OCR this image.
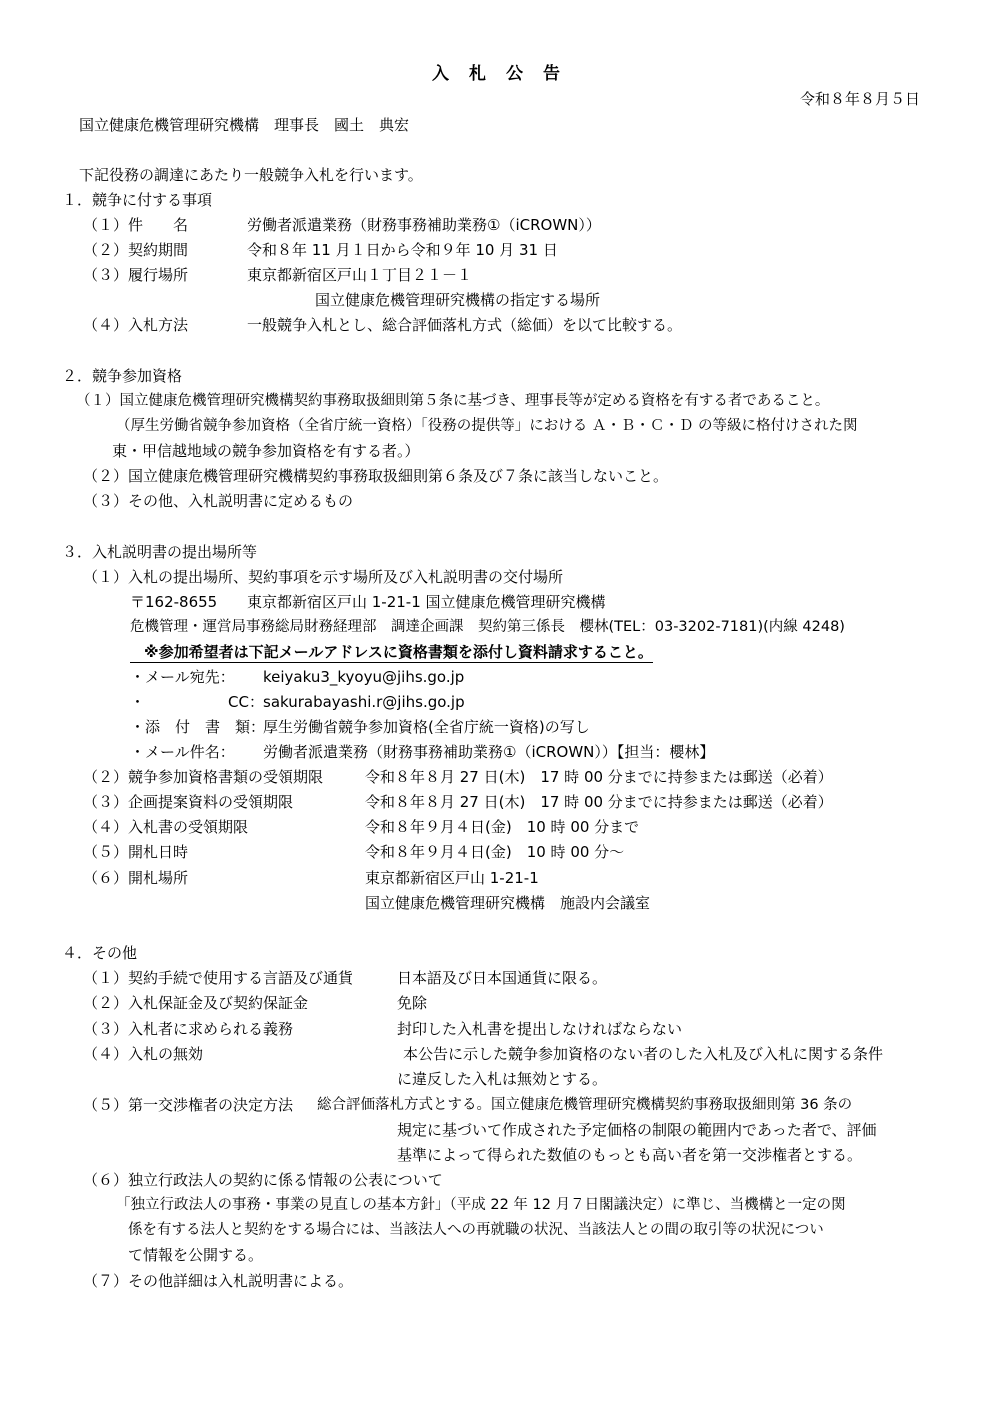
入札公告
令和８年８月５日
国立健康危機管理研究機構　理事長　國土　典宏
下記役務の調達にあたり一般競争入札を行います。
１．競争に付する事項
（１）件　　名	労働者派遣業務（財務事務補助業務①（iCROWN））
（２）契約期間	令和８年 11 月１日から令和９年 10 月 31 日
（３）履行場所	東京都新宿区戸山１丁目２１－１
国立健康危機管理研究機構の指定する場所
（４）入札方法	一般競争入札とし、総合評価落札方式（総価）を以て比較する。
２．競争参加資格
（１）国立健康危機管理研究機構契約事務取扱細則第５条に基づき、理事長等が定める資格を有する者であること。
（厚生労働省競争参加資格（全省庁統一資格）「役務の提供等」における Ａ・Ｂ・Ｃ・Ｄ の等級に格付けされた関
東・甲信越地域の競争参加資格を有する者。）
（２）国立健康危機管理研究機構契約事務取扱細則第６条及び７条に該当しないこと。
（３）その他、入札説明書に定めるもの
３．入札説明書の提出場所等
（１）入札の提出場所、契約事項を示す場所及び入札説明書の交付場所
〒162-8655 東京都新宿区戸山 1-21-1 国立健康危機管理研究機構
危機管理・運営局事務総局財務経理部　調達企画課　契約第三係長　櫻林(TEL：03-3202-7181)(内線 4248)
※参加希望者は下記メールアドレスに資格書類を添付し資料請求すること。
・メール宛先： keiyaku3_kyoyu@jihs.go.jp
・	CC： sakurabayashi.r@jihs.go.jp
・添　付　書　類：
厚生労働省競争参加資格(全省庁統一資格)の写し
・メール件名： 労働者派遣業務（財務事務補助業務①（iCROWN））【担当：櫻林】
（２）競争参加資格書類の受領期限	令和８年８月 27 日(木)　17 時 00 分までに持参または郵送（必着）
（３）企画提案資料の受領期限	令和８年８月 27 日(木)　17 時 00 分までに持参または郵送（必着）
（４）入札書の受領期限	令和８年９月４日(金)　10 時 00 分まで
（５）開札日時	令和８年９月４日(金)　10 時 00 分～
（６）開札場所	東京都新宿区戸山 1-21-1
国立健康危機管理研究機構　施設内会議室
４．その他
（１）契約手続で使用する言語及び通貨	日本語及び日本国通貨に限る。
（２）入札保証金及び契約保証金	免除
（３）入札者に求められる義務	封印した入札書を提出しなければならない
（４）入札の無効	本公告に示した競争参加資格のない者のした入札及び入札に関する条件
に違反した入札は無効とする。
（５）第一交渉権者の決定方法 総合評価落札方式とする。国立健康危機管理研究機構契約事務取扱細則第 36 条の
規定に基づいて作成された予定価格の制限の範囲内であった者で、評価
基準によって得られた数値のもっとも高い者を第一交渉権者とする。
（６）独立行政法人の契約に係る情報の公表について
「独立行政法人の事務・事業の見直しの基本方針」（平成 22 年 12 月７日閣議決定）に準じ、当機構と一定の関
係を有する法人と契約をする場合には、当該法人への再就職の状況、当該法人との間の取引等の状況につい
て情報を公開する。
（７）その他詳細は入札説明書による。
